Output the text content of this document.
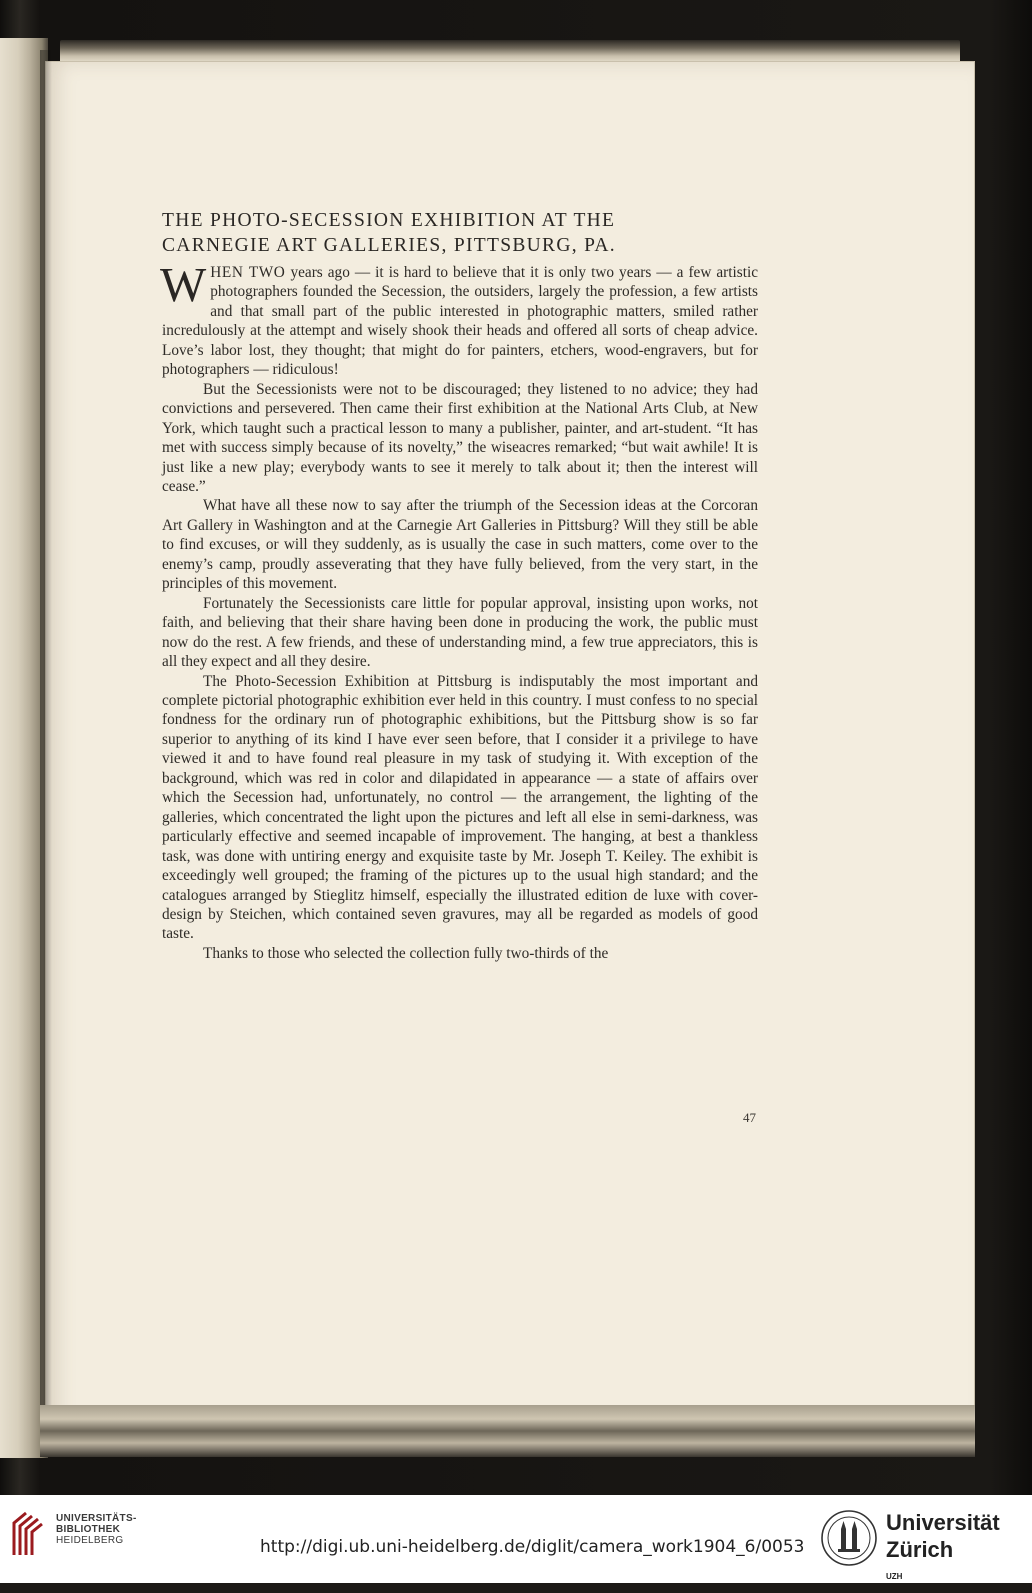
THE PHOTO-SECESSION EXHIBITION AT THE
CARNEGIE ART GALLERIES, PITTSBURG, PA.

WHEN TWO years ago — it is hard to believe that it is only two years — a few artistic photographers founded the Secession, the outsiders, largely the profession, a few artists and that small part of the public interested in photographic matters, smiled rather incredulously at the attempt and wisely shook their heads and offered all sorts of cheap advice. Love’s labor lost, they thought; that might do for painters, etchers, wood-engravers, but for photographers — ridiculous!

But the Secessionists were not to be discouraged; they listened to no advice; they had convictions and persevered. Then came their first exhibition at the National Arts Club, at New York, which taught such a practical lesson to many a publisher, painter, and art-student. “It has met with success simply because of its novelty,” the wiseacres remarked; “but wait awhile! It is just like a new play; everybody wants to see it merely to talk about it; then the interest will cease.”

What have all these now to say after the triumph of the Secession ideas at the Corcoran Art Gallery in Washington and at the Carnegie Art Galleries in Pittsburg? Will they still be able to find excuses, or will they suddenly, as is usually the case in such matters, come over to the enemy’s camp, proudly asseverating that they have fully believed, from the very start, in the principles of this movement.

Fortunately the Secessionists care little for popular approval, insisting upon works, not faith, and believing that their share having been done in producing the work, the public must now do the rest. A few friends, and these of understanding mind, a few true appreciators, this is all they expect and all they desire.

The Photo-Secession Exhibition at Pittsburg is indisputably the most important and complete pictorial photographic exhibition ever held in this country. I must confess to no special fondness for the ordinary run of photographic exhibitions, but the Pittsburg show is so far superior to anything of its kind I have ever seen before, that I consider it a privilege to have viewed it and to have found real pleasure in my task of studying it. With exception of the background, which was red in color and dilapidated in appearance — a state of affairs over which the Secession had, unfortunately, no control — the arrangement, the lighting of the galleries, which concentrated the light upon the pictures and left all else in semi-darkness, was particularly effective and seemed incapable of improvement. The hanging, at best a thankless task, was done with untiring energy and exquisite taste by Mr. Joseph T. Keiley. The exhibit is exceedingly well grouped; the framing of the pictures up to the usual high standard; and the catalogues arranged by Stieglitz himself, especially the illustrated edition de luxe with cover-design by Steichen, which contained seven gravures, may all be regarded as models of good taste.

Thanks to those who selected the collection fully two-thirds of the

47
UNIVERSITÄTS-
BIBLIOTHEK
HEIDELBERG	http://digi.ub.uni-heidelberg.de/diglit/camera_work1904_6/0053
Universität
Zürich
$^{UZH}$
